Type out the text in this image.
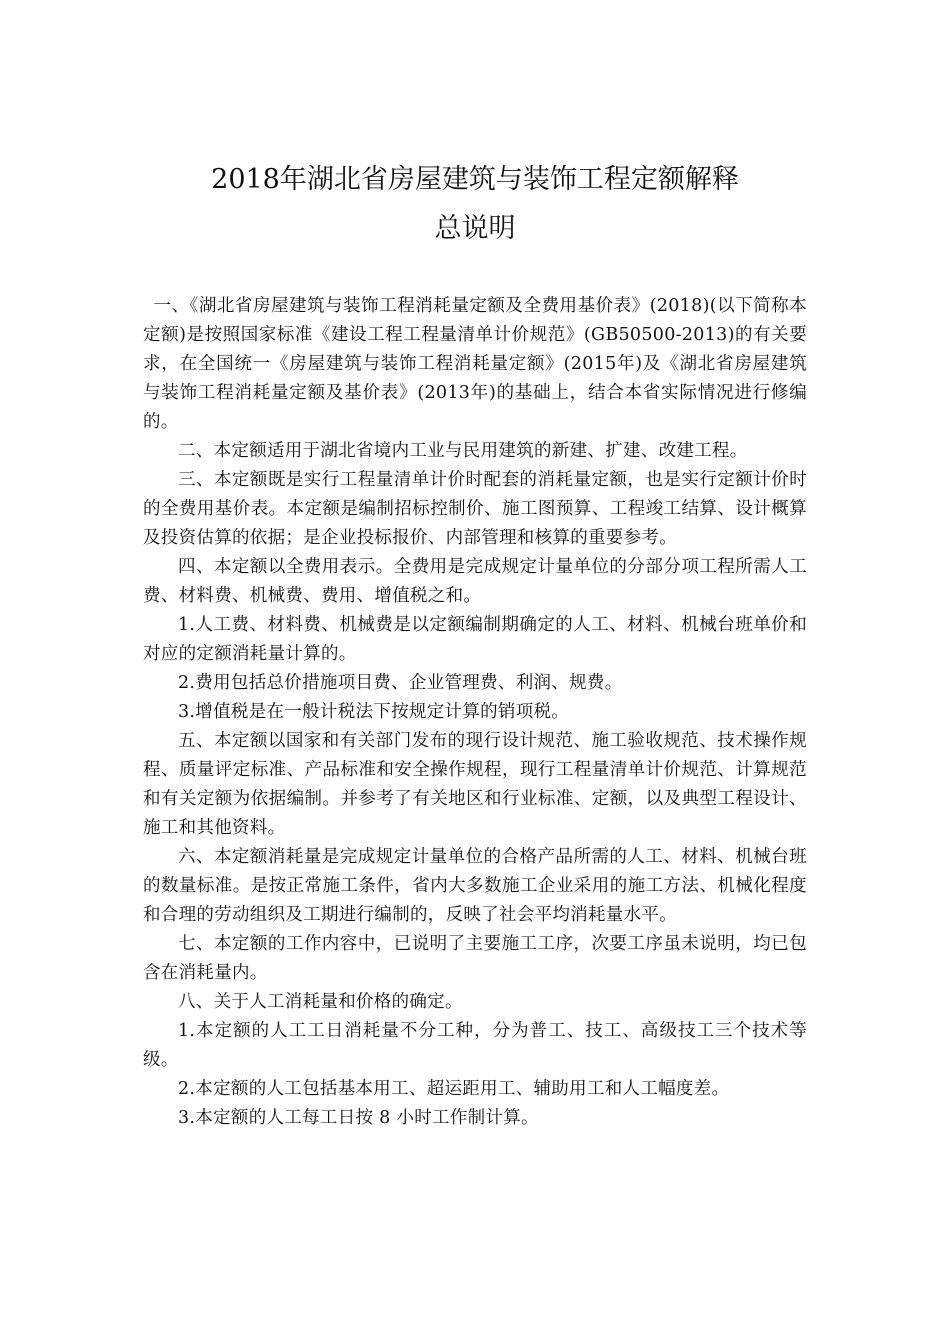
2018年湖北省房屋建筑与装饰工程定额解释
总说明

一、《湖北省房屋建筑与装饰工程消耗量定额及全费用基价表》(2018)(以下简称本定额)是按照国家标准《建设工程工程量清单计价规范》(GB50500-2013)的有关要求，在全国统一《房屋建筑与装饰工程消耗量定额》(2015年)及《湖北省房屋建筑与装饰工程消耗量定额及基价表》(2013年)的基础上，结合本省实际情况进行修编的。

二、本定额适用于湖北省境内工业与民用建筑的新建、扩建、改建工程。

三、本定额既是实行工程量清单计价时配套的消耗量定额，也是实行定额计价时的全费用基价表。本定额是编制招标控制价、施工图预算、工程竣工结算、设计概算及投资估算的依据；是企业投标报价、内部管理和核算的重要参考。

四、本定额以全费用表示。全费用是完成规定计量单位的分部分项工程所需人工费、材料费、机械费、费用、增值税之和。

1.人工费、材料费、机械费是以定额编制期确定的人工、材料、机械台班单价和对应的定额消耗量计算的。

2.费用包括总价措施项目费、企业管理费、利润、规费。

3.增值税是在一般计税法下按规定计算的销项税。

五、本定额以国家和有关部门发布的现行设计规范、施工验收规范、技术操作规程、质量评定标准、产品标准和安全操作规程，现行工程量清单计价规范、计算规范和有关定额为依据编制。并参考了有关地区和行业标准、定额，以及典型工程设计、施工和其他资料。

六、本定额消耗量是完成规定计量单位的合格产品所需的人工、材料、机械台班的数量标准。是按正常施工条件，省内大多数施工企业采用的施工方法、机械化程度和合理的劳动组织及工期进行编制的，反映了社会平均消耗量水平。

七、本定额的工作内容中，已说明了主要施工工序，次要工序虽未说明，均已包含在消耗量内。

八、关于人工消耗量和价格的确定。

1.本定额的人工工日消耗量不分工种，分为普工、技工、高级技工三个技术等级。

2.本定额的人工包括基本用工、超运距用工、辅助用工和人工幅度差。

3.本定额的人工每工日按 8 小时工作制计算。
